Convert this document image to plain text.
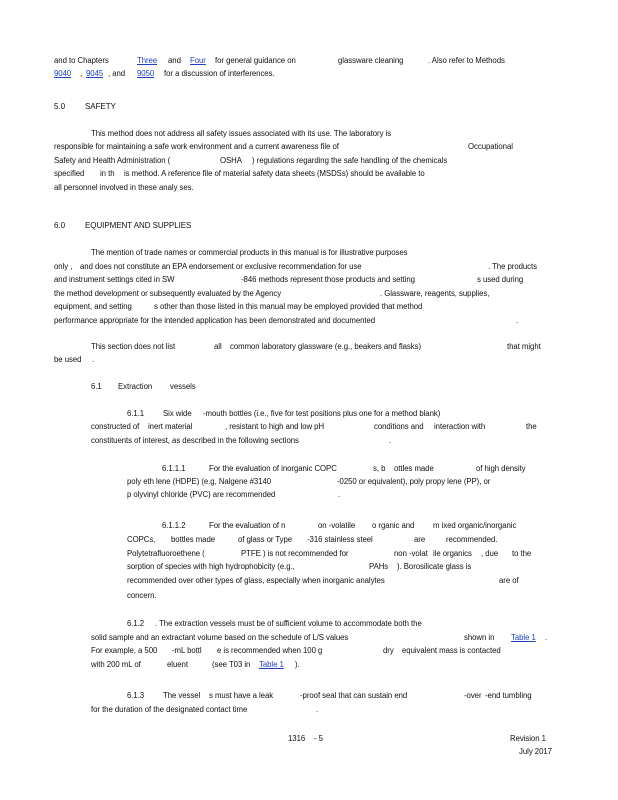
and to Chapters	Three and Four for general guidance on	glassware cleaning	. Also refer to Methods
9040 , 9045 , and 9050 for a discussion of interferences.
5.0	SAFETY
This method does not address all safety issues associated with its use. The laboratory is
responsible for maintaining a safe work environment and a current awareness file of	Occupational
Safety and Health Administration (	OSHA ) regulations regarding the safe handling of the chemicals
specified in th is method. A reference file of material safety data sheets (MSDSs) should be available to
all personnel involved in these analy ses.
6.0	EQUIPMENT AND SUPPLIES
The mention of trade names or commercial products in this manual is for illustrative purposes
only , and does not constitute an EPA endorsement or exclusive recommendation for use	. The products
and instrument settings cited in SW	-846 methods represent those products and setting	s used during
the method development or subsequently evaluated by the Agency	. Glassware, reagents, supplies,
equipment, and setting	s other than those listed in this manual may be employed provided that method
performance appropriate for the intended application has been demonstrated and documented	.
This section does not list	all common laboratory glassware (e.g., beakers and flasks)	that might
be used .
6.1 Extraction vessels
6.1.1 Six wide -mouth bottles (i.e., five for test positions plus one for a method blank)
constructed of inert material	, resistant to high and low pH	conditions and interaction with	the
constituents of interest, as described in the following sections	.
6.1.1.1	For the evaluation of inorganic COPC	s, b ottles made	of high density
poly eth lene (HDPE) (e.g, Nalgene #3140	-0250 or equivalent), poly propy lene (PP), or
p olyvinyl chloride (PVC) are recommended	.
6.1.1.2	For the evaluation of n	on -volatile o rganic and m ixed organic/inorganic
COPCs, bottles made	of glass or Type -316 stainless steel	are	recommended.
Polytetrafluoroethene (	PTFE ) is not recommended for	non -volat ile organics , due to the
sorption of species with high hydrophobicity (e.g.,	PAHs ). Borosilicate glass is
recommended over other types of glass, especially when inorganic analytes	are of
concern.
6.1.2 . The extraction vessels must be of sufficient volume to accommodate both the
solid sample and an extractant volume based on the schedule of L/S values	shown in Table 1 .
For example, a 500 -mL bottl e is recommended when 100 g	dry equivalent mass is contacted
with 200 mL of	eluent	(see T03 in Table 1 ).
6.1.3 The vessel s must have a leak	-proof seal that can sustain end	-over -end tumbling
for the duration of the designated contact time	.
1316 - 5	Revision 1
July 2017
